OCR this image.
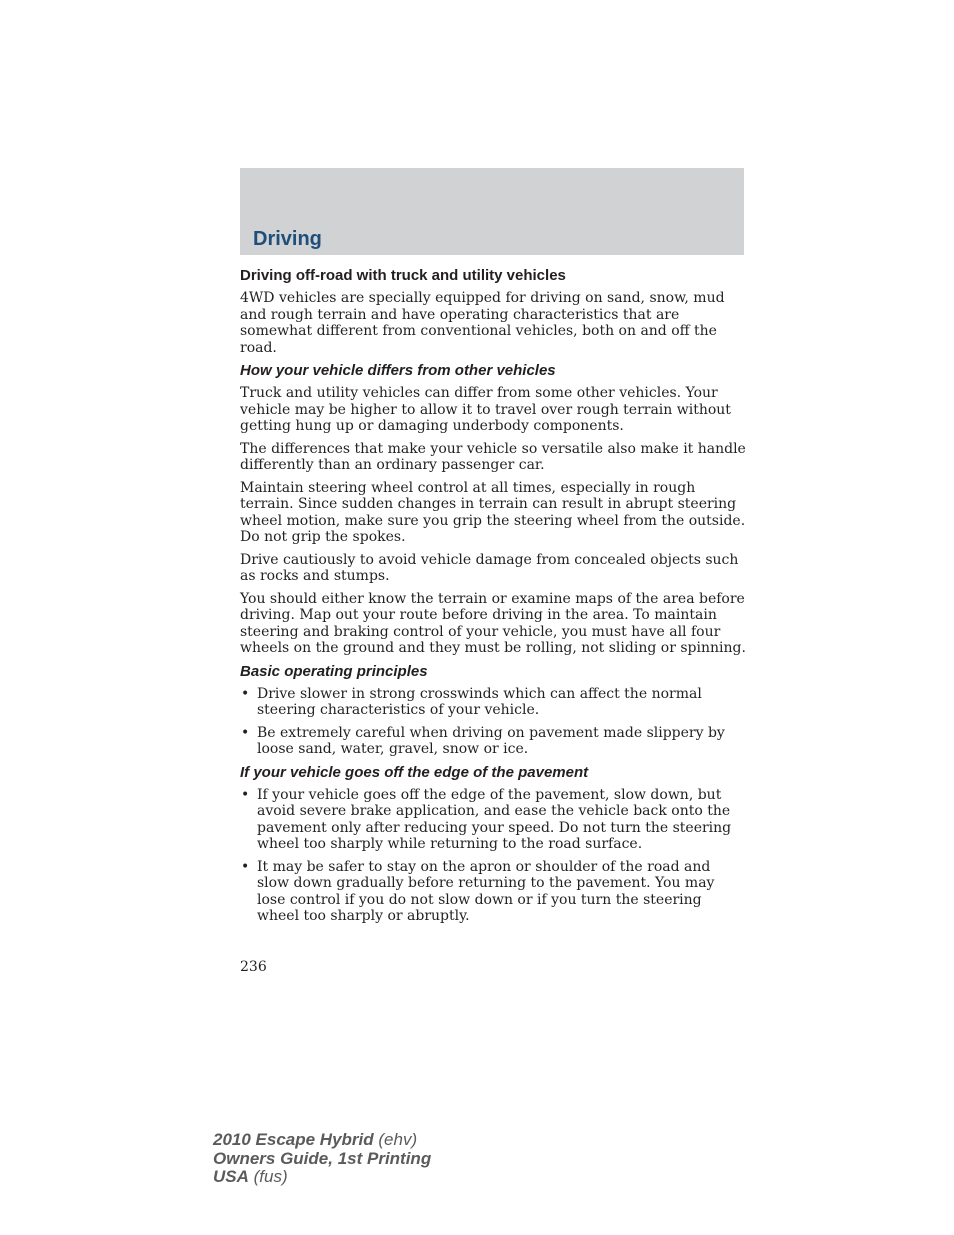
Driving
Driving off-road with truck and utility vehicles

4WD vehicles are specially equipped for driving on sand, snow, mud and rough terrain and have operating characteristics that are somewhat different from conventional vehicles, both on and off the road.

How your vehicle differs from other vehicles

Truck and utility vehicles can differ from some other vehicles. Your vehicle may be higher to allow it to travel over rough terrain without getting hung up or damaging underbody components.

The differences that make your vehicle so versatile also make it handle differently than an ordinary passenger car.

Maintain steering wheel control at all times, especially in rough terrain. Since sudden changes in terrain can result in abrupt steering wheel motion, make sure you grip the steering wheel from the outside. Do not grip the spokes.

Drive cautiously to avoid vehicle damage from concealed objects such as rocks and stumps.

You should either know the terrain or examine maps of the area before driving. Map out your route before driving in the area. To maintain steering and braking control of your vehicle, you must have all four wheels on the ground and they must be rolling, not sliding or spinning.

Basic operating principles
• Drive slower in strong crosswinds which can affect the normal steering characteristics of your vehicle.
• Be extremely careful when driving on pavement made slippery by loose sand, water, gravel, snow or ice.
If your vehicle goes off the edge of the pavement
• If your vehicle goes off the edge of the pavement, slow down, but avoid severe brake application, and ease the vehicle back onto the pavement only after reducing your speed. Do not turn the steering wheel too sharply while returning to the road surface.
• It may be safer to stay on the apron or shoulder of the road and slow down gradually before returning to the pavement. You may lose control if you do not slow down or if you turn the steering wheel too sharply or abruptly.
236
2010 Escape Hybrid (ehv)
Owners Guide, 1st Printing
USA (fus)
